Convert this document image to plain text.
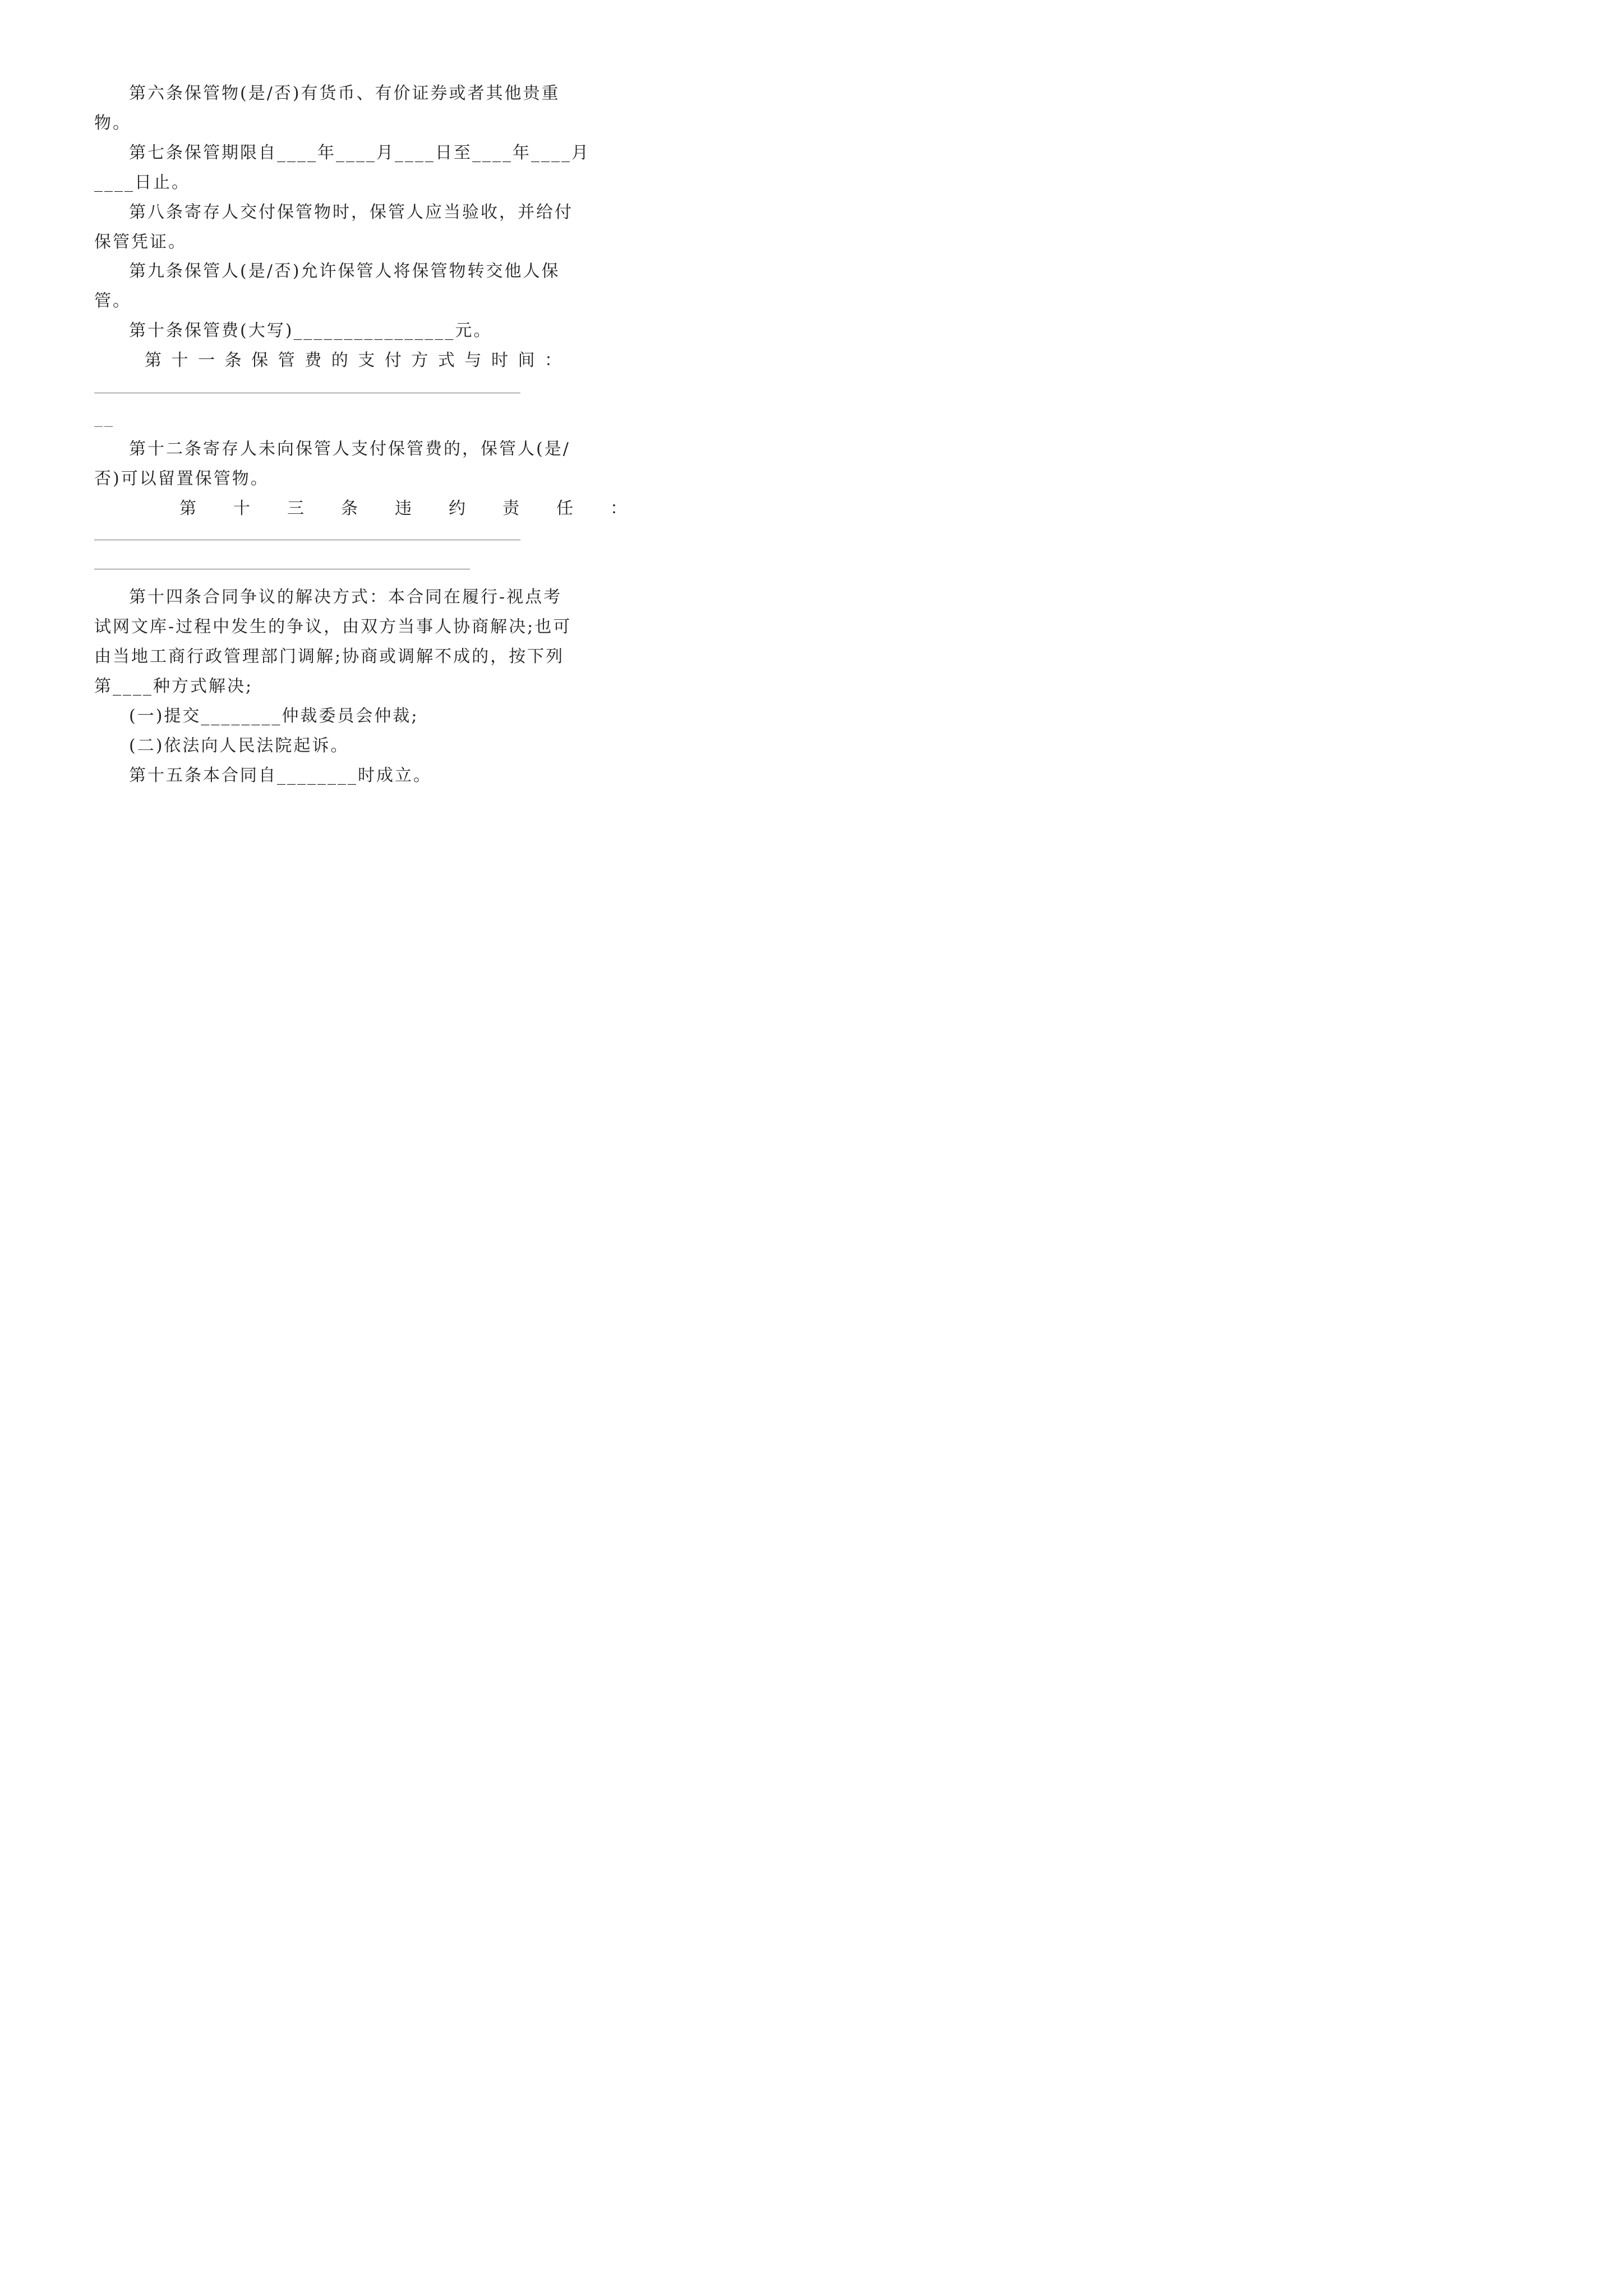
第六条保管物(是/否)有货币、有价证券或者其他贵重

物。

第七条保管期限自____年____月____日至____年____月

____日止。

第八条寄存人交付保管物时，保管人应当验收，并给付

保管凭证。

第九条保管人(是/否)允许保管人将保管物转交他人保

管。

第十条保管费(大写)________________元。

第 十 一 条 保 管 费 的 支 付 方 式 与 时 间 ：

__

第十二条寄存人未向保管人支付保管费的，保管人(是/

否)可以留置保管物。

第　　十　　三　　条　　违　　约　　责　　任　　：

第十四条合同争议的解决方式：本合同在履行-视点考

试网文库-过程中发生的争议，由双方当事人协商解决;也可

由当地工商行政管理部门调解;协商或调解不成的，按下列

第____种方式解决;

(一)提交________仲裁委员会仲裁;

(二)依法向人民法院起诉。

第十五条本合同自________时成立。
